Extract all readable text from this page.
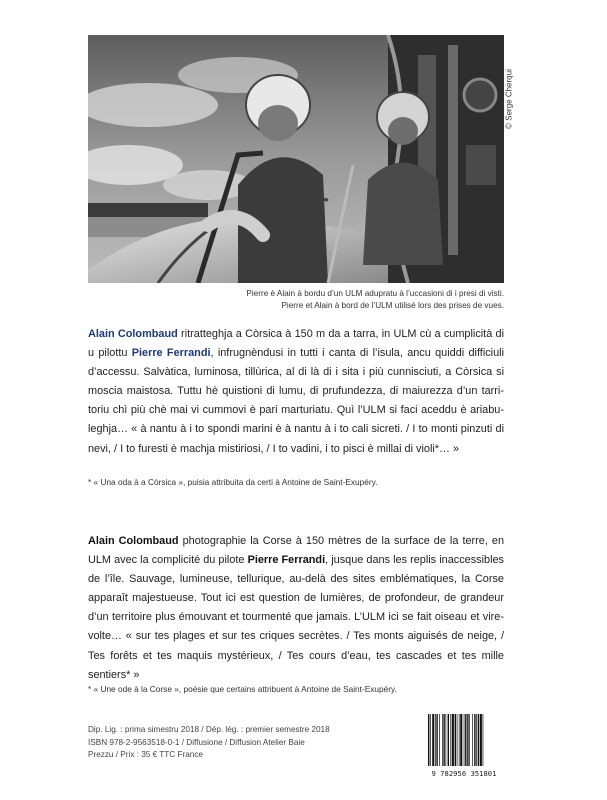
© Serge Cherqui
Pierre è Alain à bordu d’un ULM adupratu à l’uccasioni di i presi di visti.
Pierre et Alain à bord de l’ULM utilisé lors des prises de vues.

Alain Colombaud ritratteghja a Còrsica à 150 m da a tarra, in ULM cù a cumplicità di u pilottu Pierre Ferrandi, infrugnèndusi in tutti i canta di l’isula, ancu quiddi difficiuli d’accessu. Salvàtica, luminosa, tillùrica, al di là di i sita i più cunnisciuti, a Còrsica si moscia maistosa. Tuttu hè quistioni di lumu, di prufundezza, di maiurezza d’un tarritoriu chì più chè mai vi cummovi è pari marturiatu. Quì l’ULM si faci aceddu è ariabuleghja… « à nantu à i to spondi marini è à nantu à i to cali sicreti. / I to monti pinzuti di nevi, / I to furesti è machja mistiriosi, / I to vadini, i to pisci è millai di violi*… »

* « Una oda à a Còrsica », puisia attribuita da certi à Antoine de Saint-Exupéry.

Alain Colombaud photographie la Corse à 150 mètres de la surface de la terre, en ULM avec la complicité du pilote Pierre Ferrandi, jusque dans les replis inaccessibles de l’île. Sauvage, lumineuse, tellurique, au-delà des sites emblématiques, la Corse apparaît majestueuse. Tout ici est question de lumières, de profondeur, de grandeur d’un territoire plus émouvant et tourmenté que jamais. L’ULM ici se fait oiseau et virevolte… « sur tes plages et sur tes criques secrètes. / Tes monts aiguisés de neige, / Tes forêts et tes maquis mystérieux, / Tes cours d’eau, tes cascades et tes mille sentiers* »

* « Une ode à la Corse », poésie que certains attribuent à Antoine de Saint-Exupéry.
Dip. Lig. : prima simestru 2018 / Dép. lég. : premier semestre 2018
ISBN 978-2-9563518-0-1 / Diffusione / Diffusion Atelier Baie
Prezzu / Prix : 35 € TTC France
9 782956 351801
